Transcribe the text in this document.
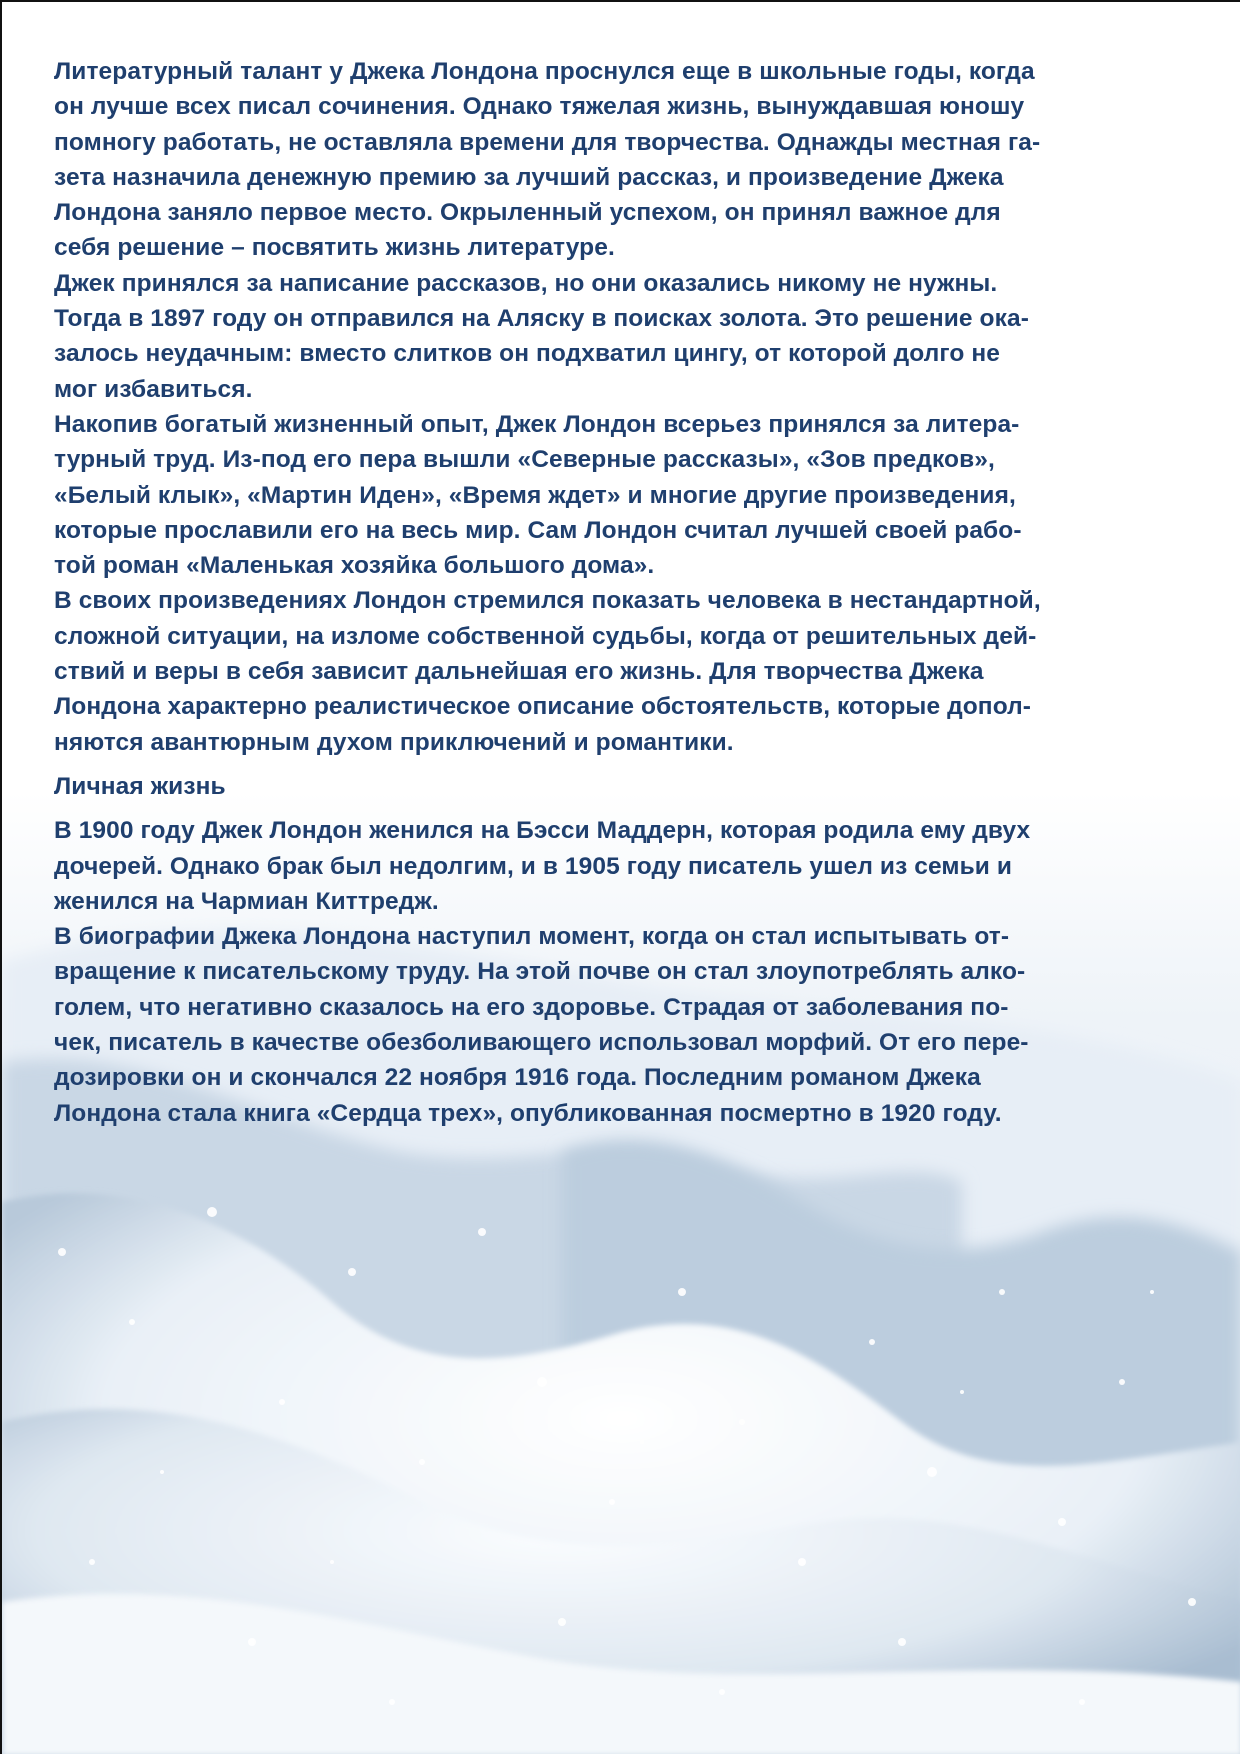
Литературный талант у Джека Лондона проснулся еще в школьные годы, когда
он лучше всех писал сочинения. Однако тяжелая жизнь, вынуждавшая юношу
помногу работать, не оставляла времени для творчества. Однажды местная га-
зета назначила денежную премию за лучший рассказ, и произведение Джека
Лондона заняло первое место. Окрыленный успехом, он принял важное для
себя решение – посвятить жизнь литературе.

Джек принялся за написание рассказов, но они оказались никому не нужны.
Тогда в 1897 году он отправился на Аляску в поисках золота. Это решение ока-
залось неудачным: вместо слитков он подхватил цингу, от которой долго не
мог избавиться.

Накопив богатый жизненный опыт, Джек Лондон всерьез принялся за литера-
турный труд. Из-под его пера вышли «Северные рассказы», «Зов предков»,
«Белый клык», «Мартин Иден», «Время ждет» и многие другие произведения,
которые прославили его на весь мир. Сам Лондон считал лучшей своей рабо-
той роман «Маленькая хозяйка большого дома».

В своих произведениях Лондон стремился показать человека в нестандартной,
сложной ситуации, на изломе собственной судьбы, когда от решительных дей-
ствий и веры в себя зависит дальнейшая его жизнь. Для творчества Джека
Лондона характерно реалистическое описание обстоятельств, которые допол-
няются авантюрным духом приключений и романтики.

Личная жизнь

В 1900 году Джек Лондон женился на Бэсси Маддерн, которая родила ему двух
дочерей. Однако брак был недолгим, и в 1905 году писатель ушел из семьи и
женился на Чармиан Киттредж.

В биографии Джека Лондона наступил момент, когда он стал испытывать от-
вращение к писательскому труду. На этой почве он стал злоупотреблять алко-
голем, что негативно сказалось на его здоровье. Страдая от заболевания по-
чек, писатель в качестве обезболивающего использовал морфий. От его пере-
дозировки он и скончался 22 ноября 1916 года. Последним романом Джека
Лондона стала книга «Сердца трех», опубликованная посмертно в 1920 году.
